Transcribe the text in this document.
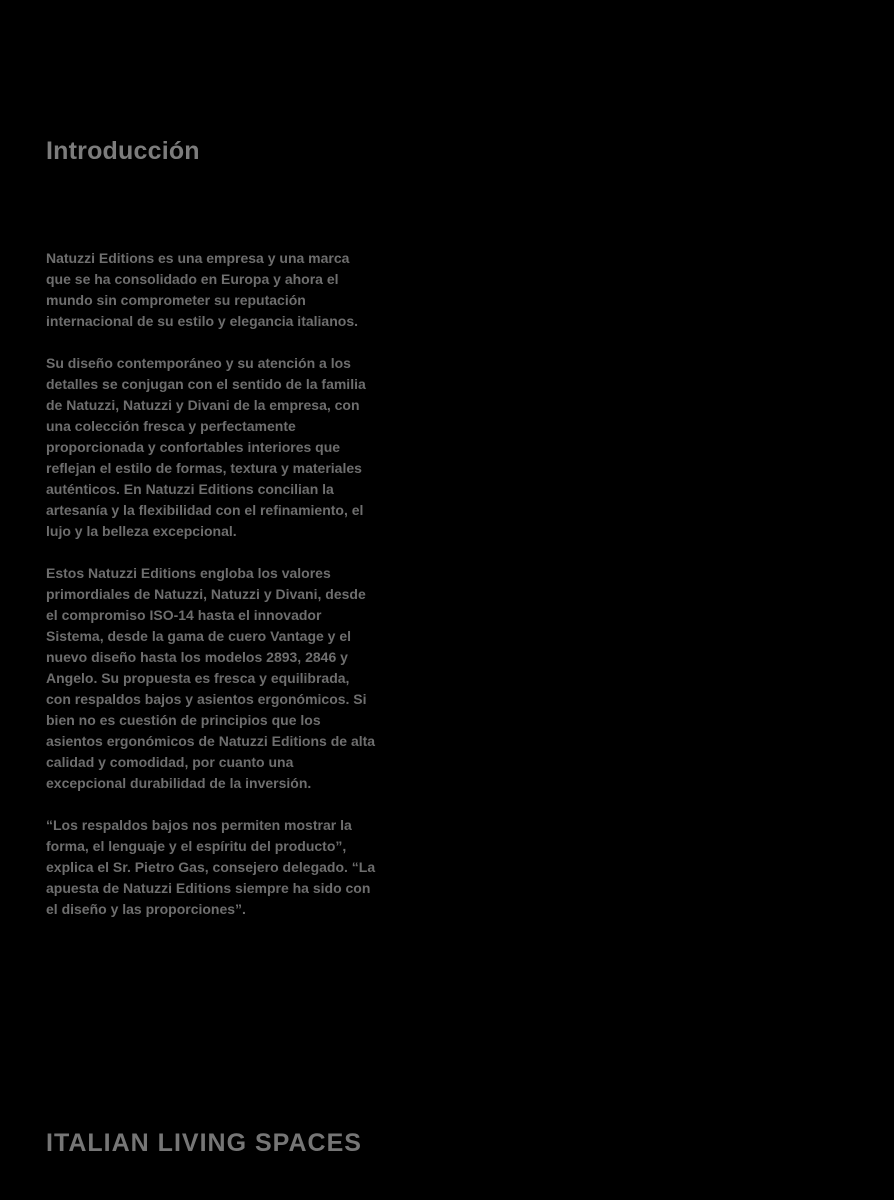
Introducción

Natuzzi Editions es una empresa y una marca que se ha consolidado en Europa y ahora el mundo sin comprometer su reputación internacional de su estilo y elegancia italianos.

Su diseño contemporáneo y su atención a los detalles se conjugan con el sentido de la familia de Natuzzi, Natuzzi y Divani de la empresa, con una colección fresca y perfectamente proporcionada y confortables interiores que reflejan el estilo de formas, textura y materiales auténticos. En Natuzzi Editions concilian la artesanía y la flexibilidad con el refinamiento, el lujo y la belleza excepcional.

Estos Natuzzi Editions engloba los valores primordiales de Natuzzi, Natuzzi y Divani, desde el compromiso ISO-14 hasta el innovador Sistema, desde la gama de cuero Vantage y el nuevo diseño hasta los modelos 2893, 2846 y Angelo. Su propuesta es fresca y equilibrada, con respaldos bajos y asientos ergonómicos. Si bien no es cuestión de principios que los asientos ergonómicos de Natuzzi Editions de alta calidad y comodidad, por cuanto una excepcional durabilidad de la inversión.

“Los respaldos bajos nos permiten mostrar la forma, el lenguaje y el espíritu del producto”, explica el Sr. Pietro Gas, consejero delegado. “La apuesta de Natuzzi Editions siempre ha sido con el diseño y las proporciones”.

ITALIAN LIVING SPACES
